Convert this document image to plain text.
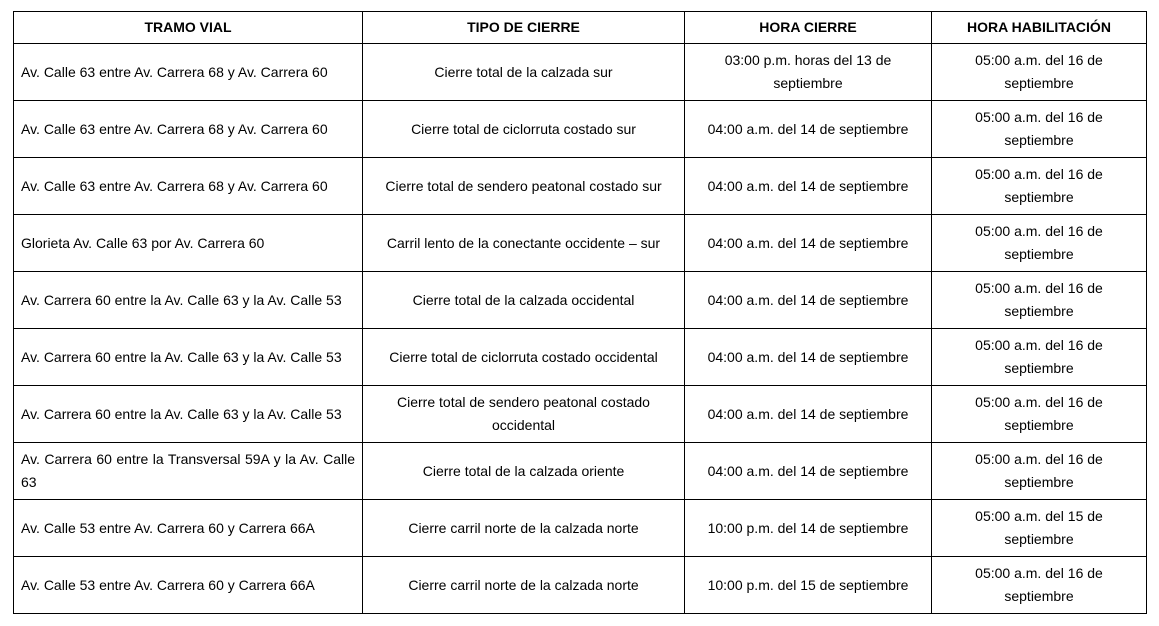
TRAMO VIAL	TIPO DE CIERRE	HORA CIERRE	HORA HABILITACIÓN
Av. Calle 63 entre Av. Carrera 68 y Av. Carrera 60	Cierre total de la calzada sur	03:00 p.m. horas del 13 de septiembre	05:00 a.m. del 16 de septiembre
Av. Calle 63 entre Av. Carrera 68 y Av. Carrera 60	Cierre total de ciclorruta costado sur	04:00 a.m. del 14 de septiembre	05:00 a.m. del 16 de septiembre
Av. Calle 63 entre Av. Carrera 68 y Av. Carrera 60	Cierre total de sendero peatonal costado sur	04:00 a.m. del 14 de septiembre	05:00 a.m. del 16 de septiembre
Glorieta Av. Calle 63 por Av. Carrera 60	Carril lento de la conectante occidente – sur	04:00 a.m. del 14 de septiembre	05:00 a.m. del 16 de septiembre
Av. Carrera 60 entre la Av. Calle 63 y la Av. Calle 53	Cierre total de la calzada occidental	04:00 a.m. del 14 de septiembre	05:00 a.m. del 16 de septiembre
Av. Carrera 60 entre la Av. Calle 63 y la Av. Calle 53	Cierre total de ciclorruta costado occidental	04:00 a.m. del 14 de septiembre	05:00 a.m. del 16 de septiembre
Av. Carrera 60 entre la Av. Calle 63 y la Av. Calle 53	Cierre total de sendero peatonal costado occidental	04:00 a.m. del 14 de septiembre	05:00 a.m. del 16 de septiembre
Av. Carrera 60 entre la Transversal 59A y la Av. Calle 63	Cierre total de la calzada oriente	04:00 a.m. del 14 de septiembre	05:00 a.m. del 16 de septiembre
Av. Calle 53 entre Av. Carrera 60 y Carrera 66A	Cierre carril norte de la calzada norte	10:00 p.m. del 14 de septiembre	05:00 a.m. del 15 de septiembre
Av. Calle 53 entre Av. Carrera 60 y Carrera 66A	Cierre carril norte de la calzada norte	10:00 p.m. del 15 de septiembre	05:00 a.m. del 16 de septiembre
